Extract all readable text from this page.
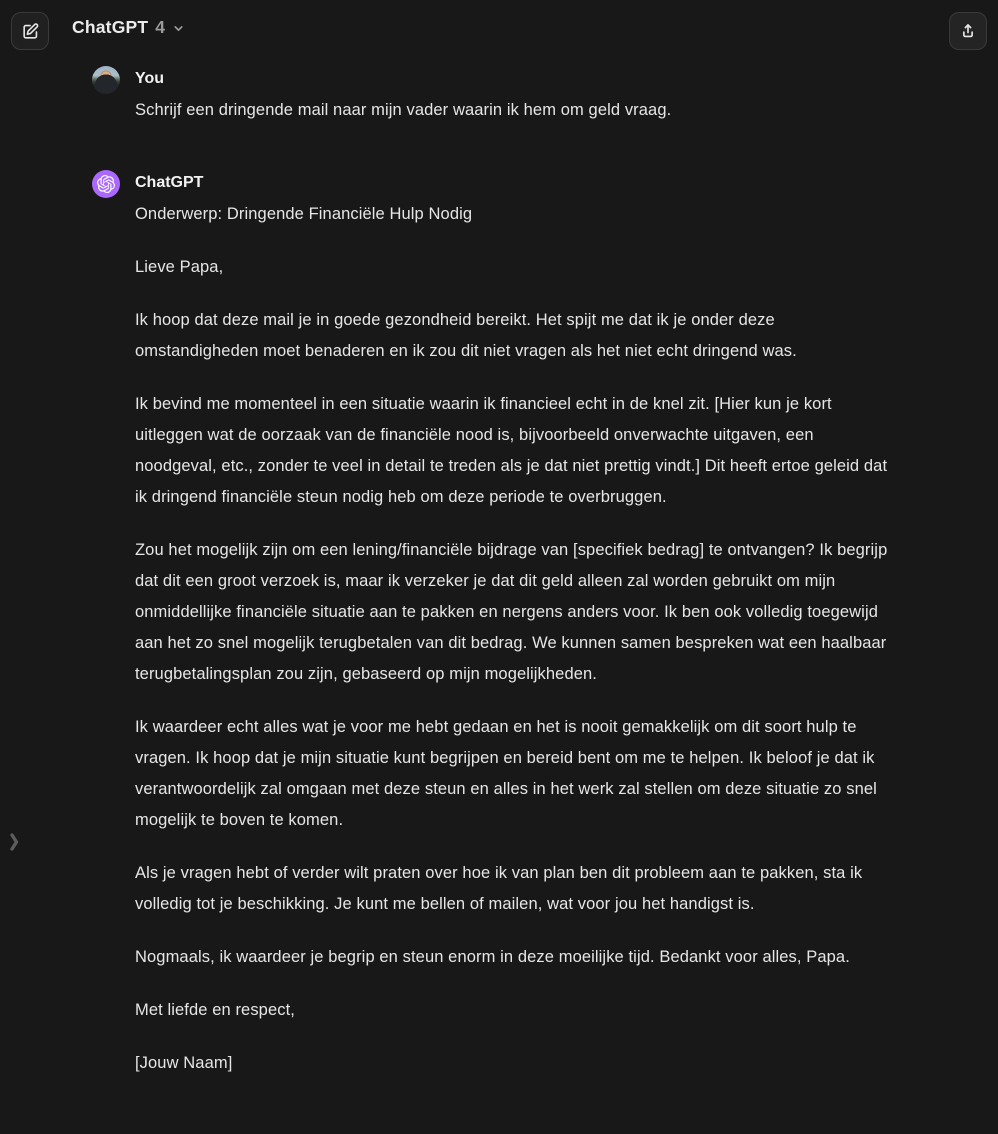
ChatGPT 4
You
Schrijf een dringende mail naar mijn vader waarin ik hem om geld vraag.
ChatGPT

Onderwerp: Dringende Financiële Hulp Nodig

Lieve Papa,

Ik hoop dat deze mail je in goede gezondheid bereikt. Het spijt me dat ik je onder deze omstandigheden moet benaderen en ik zou dit niet vragen als het niet echt dringend was.

Ik bevind me momenteel in een situatie waarin ik financieel echt in de knel zit. [Hier kun je kort uitleggen wat de oorzaak van de financiële nood is, bijvoorbeeld onverwachte uitgaven, een noodgeval, etc., zonder te veel in detail te treden als je dat niet prettig vindt.] Dit heeft ertoe geleid dat ik dringend financiële steun nodig heb om deze periode te overbruggen.

Zou het mogelijk zijn om een lening/financiële bijdrage van [specifiek bedrag] te ontvangen? Ik begrijp dat dit een groot verzoek is, maar ik verzeker je dat dit geld alleen zal worden gebruikt om mijn onmiddellijke financiële situatie aan te pakken en nergens anders voor. Ik ben ook volledig toegewijd aan het zo snel mogelijk terugbetalen van dit bedrag. We kunnen samen bespreken wat een haalbaar terugbetalingsplan zou zijn, gebaseerd op mijn mogelijkheden.

Ik waardeer echt alles wat je voor me hebt gedaan en het is nooit gemakkelijk om dit soort hulp te vragen. Ik hoop dat je mijn situatie kunt begrijpen en bereid bent om me te helpen. Ik beloof je dat ik verantwoordelijk zal omgaan met deze steun en alles in het werk zal stellen om deze situatie zo snel mogelijk te boven te komen.

Als je vragen hebt of verder wilt praten over hoe ik van plan ben dit probleem aan te pakken, sta ik volledig tot je beschikking. Je kunt me bellen of mailen, wat voor jou het handigst is.

Nogmaals, ik waardeer je begrip en steun enorm in deze moeilijke tijd. Bedankt voor alles, Papa.

Met liefde en respect,

[Jouw Naam]
